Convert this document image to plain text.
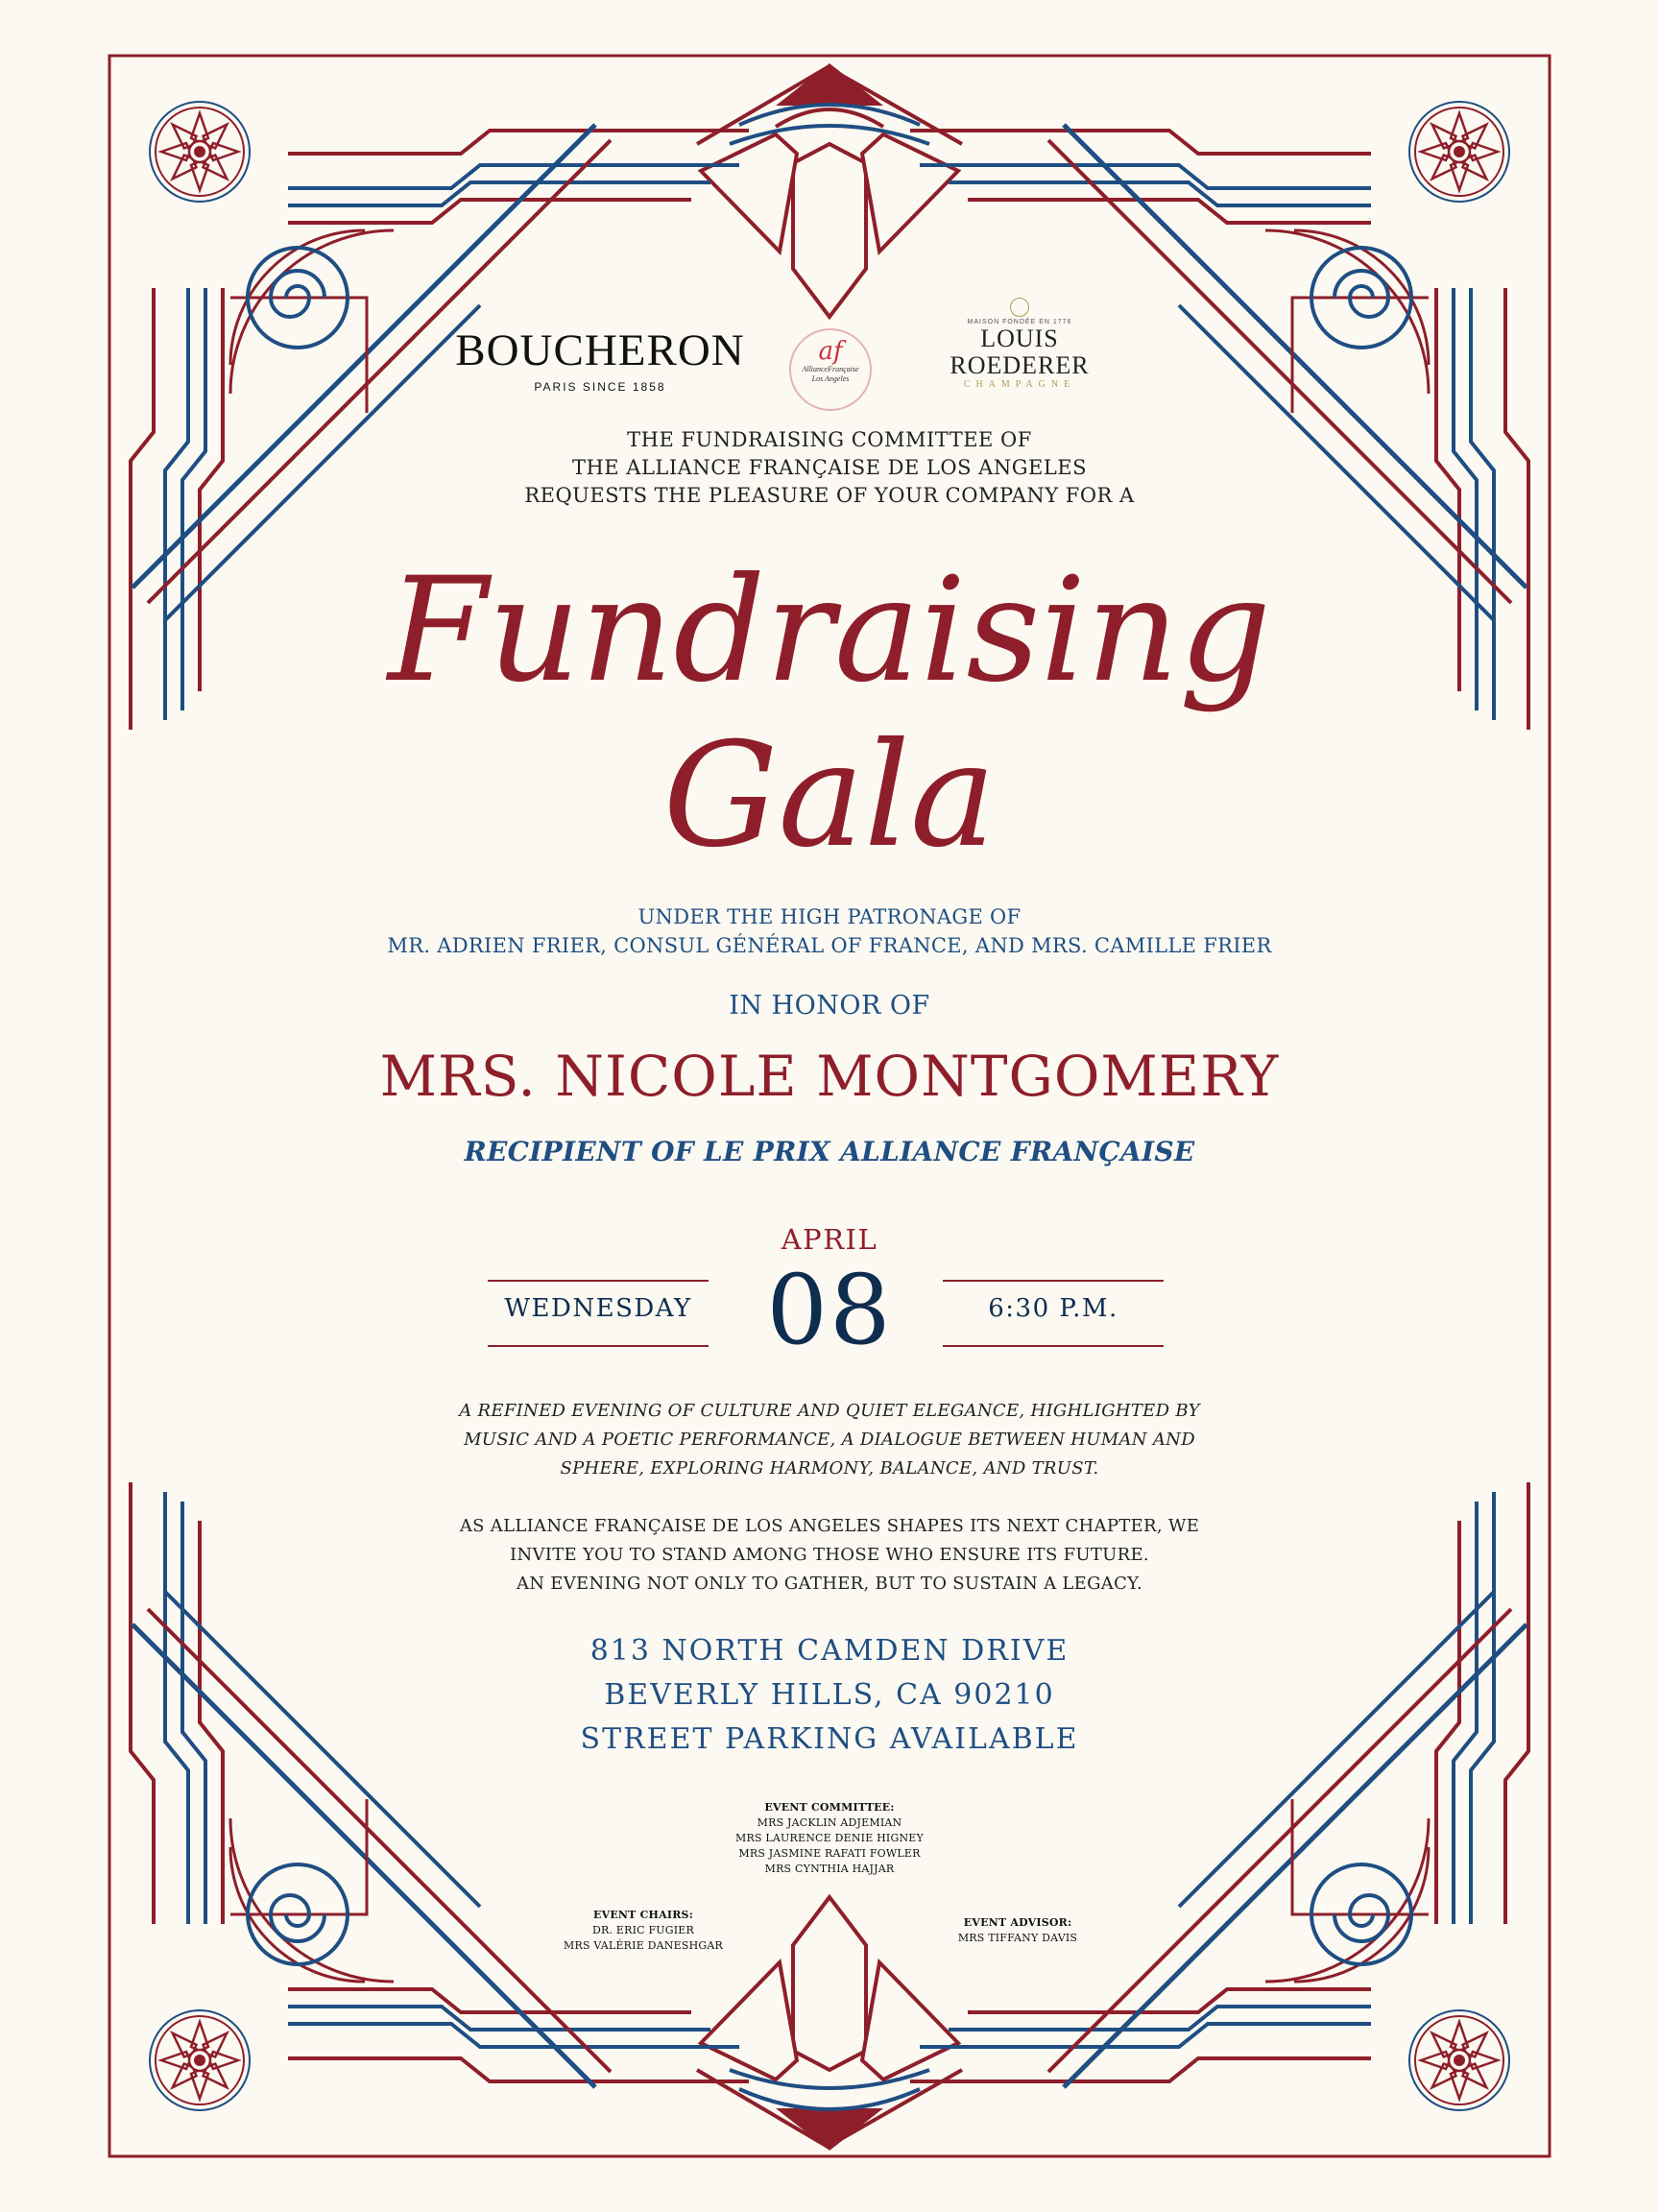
Fundraising
Gala
BOUCHERON
PARIS SINCE 1858
af
AllianceFrançaise
Los Angeles
MAISON FONDÉE EN 1776
LOUIS ROEDERER
CHAMPAGNE
THE FUNDRAISING COMMITTEE OF
THE ALLIANCE FRANÇAISE DE LOS ANGELES
REQUESTS THE PLEASURE OF YOUR COMPANY FOR A
UNDER THE HIGH PATRONAGE OF
MR. ADRIEN FRIER, CONSUL GÉNÉRAL OF FRANCE, AND MRS. CAMILLE FRIER
IN HONOR OF
MRS. NICOLE MONTGOMERY
RECIPIENT OF LE PRIX ALLIANCE FRANÇAISE
APRIL
08
WEDNESDAY	6:30 P.M.
A REFINED EVENING OF CULTURE AND QUIET ELEGANCE, HIGHLIGHTED BY
MUSIC AND A POETIC PERFORMANCE, A DIALOGUE BETWEEN HUMAN AND
SPHERE, EXPLORING HARMONY, BALANCE, AND TRUST.
AS ALLIANCE FRANÇAISE DE LOS ANGELES SHAPES ITS NEXT CHAPTER, WE
INVITE YOU TO STAND AMONG THOSE WHO ENSURE ITS FUTURE.
AN EVENING NOT ONLY TO GATHER, BUT TO SUSTAIN A LEGACY.
813 NORTH CAMDEN DRIVE
BEVERLY HILLS, CA 90210
STREET PARKING AVAILABLE
EVENT COMMITTEE:
MRS JACKLIN ADJEMIAN
MRS LAURENCE DENIE HIGNEY
MRS JASMINE RAFATI FOWLER
MRS CYNTHIA HAJJAR
EVENT CHAIRS:
DR. ERIC FUGIER
MRS VALÉRIE DANESHGAR
EVENT ADVISOR:
MRS TIFFANY DAVIS
